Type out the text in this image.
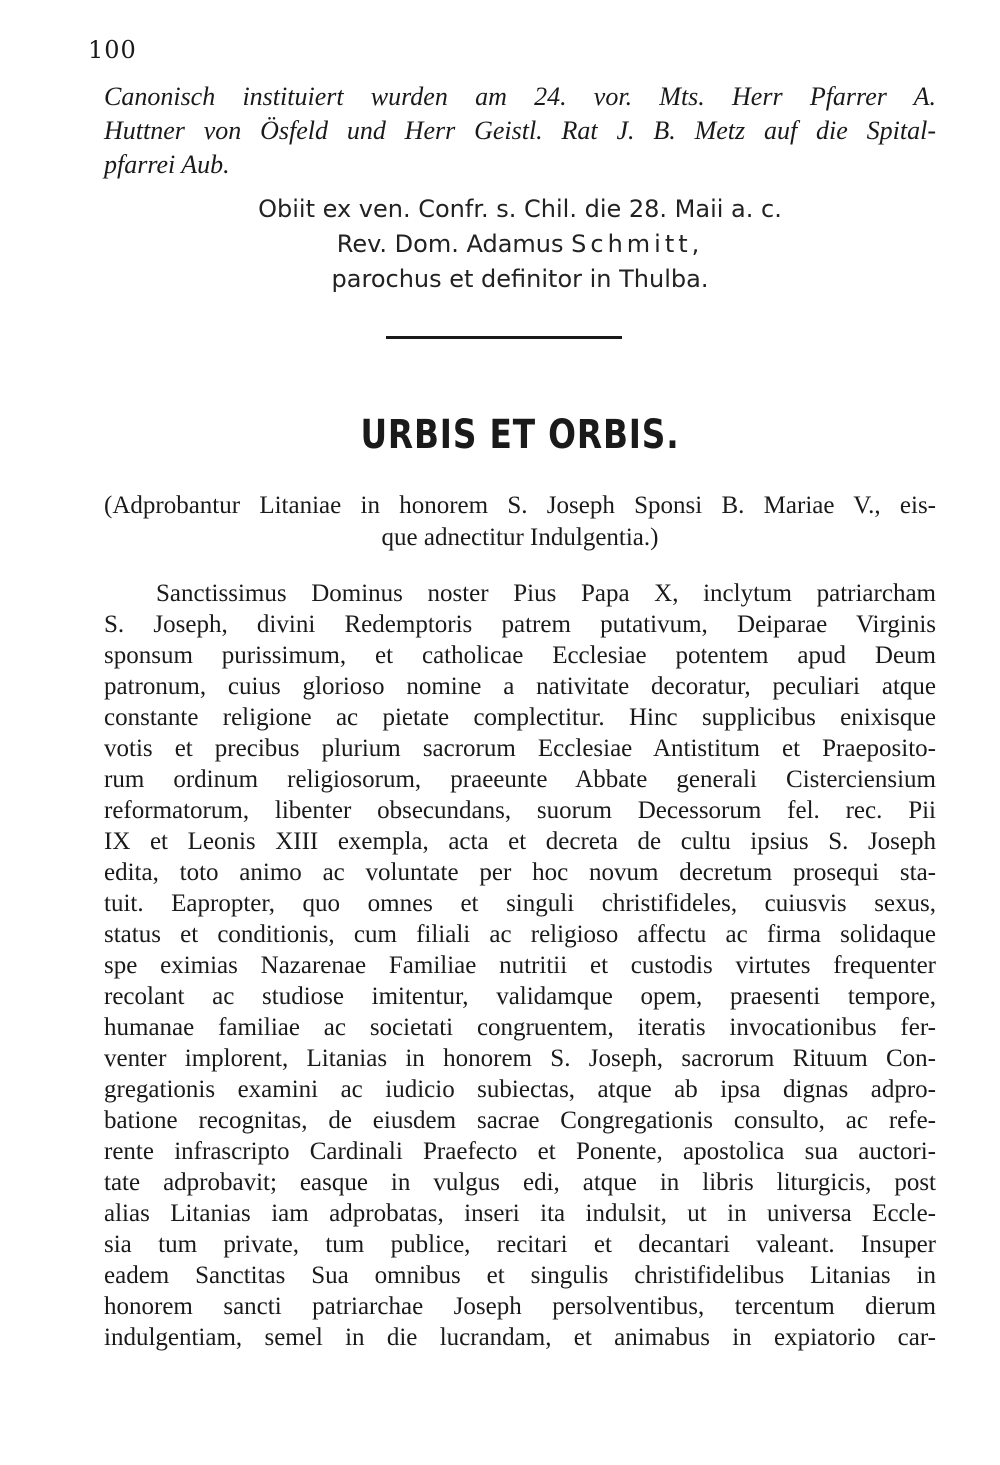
100
Canonisch instituiert wurden am 24. vor. Mts. Herr Pfarrer A.
Huttner von Ösfeld und Herr Geistl. Rat J. B. Metz auf die Spital-
pfarrei Aub.
Obiit ex ven. Confr. s. Chil. die 28. Maii a. c.
Rev. Dom. Adamus Schmitt,
parochus et definitor in Thulba.
URBIS ET ORBIS.
(Adprobantur Litaniae in honorem S. Joseph Sponsi B. Mariae V., eis-
que adnectitur Indulgentia.)
Sanctissimus Dominus noster Pius Papa X, inclytum patriarcham
S. Joseph, divini Redemptoris patrem putativum, Deiparae Virginis
sponsum purissimum, et catholicae Ecclesiae potentem apud Deum
patronum, cuius glorioso nomine a nativitate decoratur, peculiari atque
constante religione ac pietate complectitur. Hinc supplicibus enixisque
votis et precibus plurium sacrorum Ecclesiae Antistitum et Praeposito-
rum ordinum religiosorum, praeeunte Abbate generali Cisterciensium
reformatorum, libenter obsecundans, suorum Decessorum fel. rec. Pii
IX et Leonis XIII exempla, acta et decreta de cultu ipsius S. Joseph
edita, toto animo ac voluntate per hoc novum decretum prosequi sta-
tuit. Eapropter, quo omnes et singuli christifideles, cuiusvis sexus,
status et conditionis, cum filiali ac religioso affectu ac firma solidaque
spe eximias Nazarenae Familiae nutritii et custodis virtutes frequenter
recolant ac studiose imitentur, validamque opem, praesenti tempore,
humanae familiae ac societati congruentem, iteratis invocationibus fer-
venter implorent, Litanias in honorem S. Joseph, sacrorum Rituum Con-
gregationis examini ac iudicio subiectas, atque ab ipsa dignas adpro-
batione recognitas, de eiusdem sacrae Congregationis consulto, ac refe-
rente infrascripto Cardinali Praefecto et Ponente, apostolica sua auctori-
tate adprobavit; easque in vulgus edi, atque in libris liturgicis, post
alias Litanias iam adprobatas, inseri ita indulsit, ut in universa Eccle-
sia tum private, tum publice, recitari et decantari valeant. Insuper
eadem Sanctitas Sua omnibus et singulis christifidelibus Litanias in
honorem sancti patriarchae Joseph persolventibus, tercentum dierum
indulgentiam, semel in die lucrandam, et animabus in expiatorio car-
